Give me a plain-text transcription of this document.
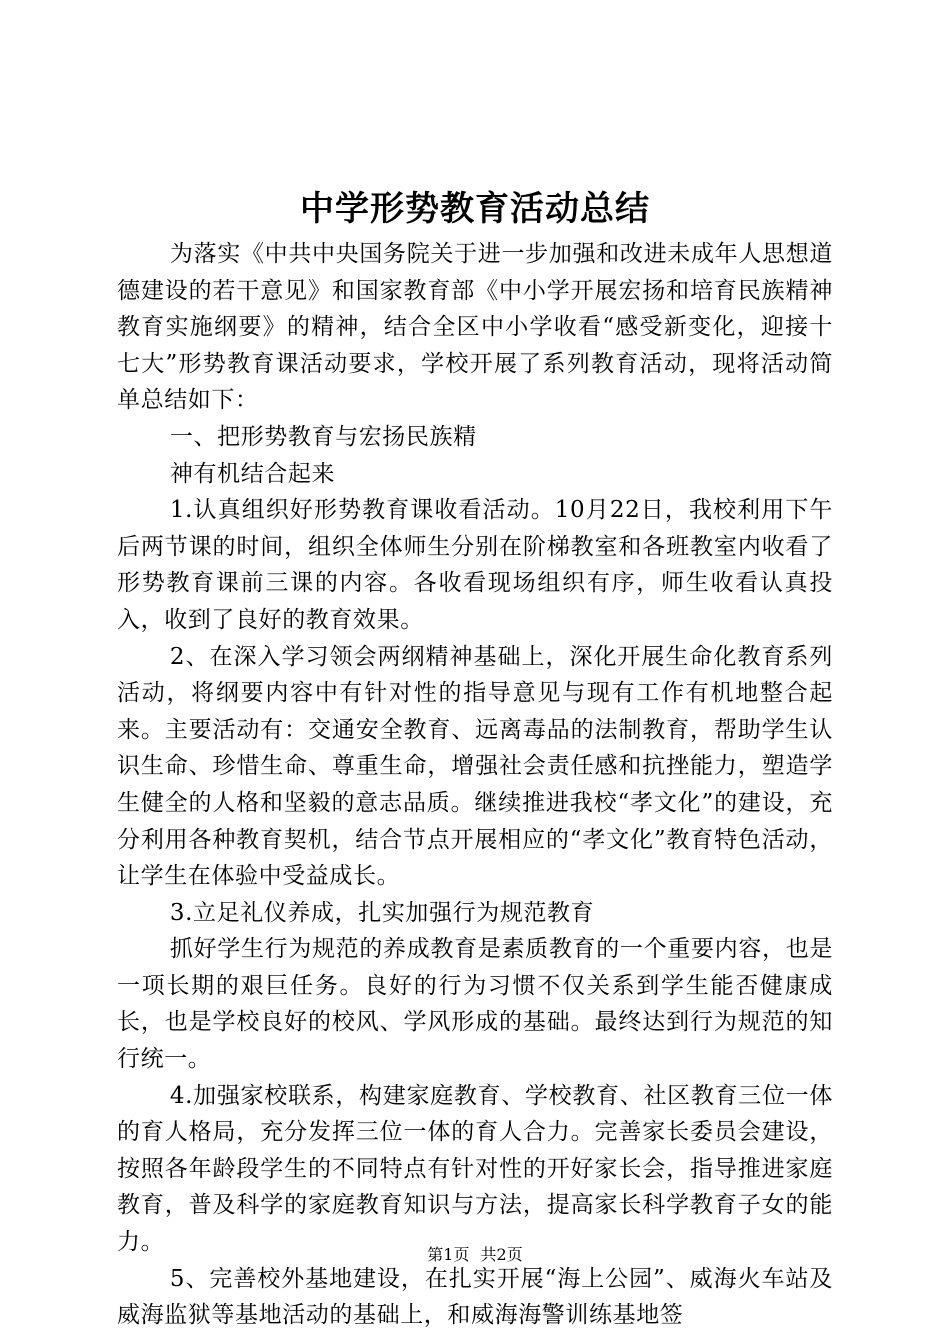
中学形势教育活动总结

为落实《中共中央国务院关于进一步加强和改进未成年人思想道德建设的若干意见》和国家教育部《中小学开展宏扬和培育民族精神教育实施纲要》的精神，结合全区中小学收看“感受新变化，迎接十七大”形势教育课活动要求，学校开展了系列教育活动，现将活动简单总结如下：

一、把形势教育与宏扬民族精

神有机结合起来

1.认真组织好形势教育课收看活动。10月22日，我校利用下午后两节课的时间，组织全体师生分别在阶梯教室和各班教室内收看了形势教育课前三课的内容。各收看现场组织有序，师生收看认真投入，收到了良好的教育效果。

2、在深入学习领会两纲精神基础上，深化开展生命化教育系列活动，将纲要内容中有针对性的指导意见与现有工作有机地整合起来。主要活动有：交通安全教育、远离毒品的法制教育，帮助学生认识生命、珍惜生命、尊重生命，增强社会责任感和抗挫能力，塑造学生健全的人格和坚毅的意志品质。继续推进我校“孝文化”的建设，充分利用各种教育契机，结合节点开展相应的“孝文化”教育特色活动，让学生在体验中受益成长。

3.立足礼仪养成，扎实加强行为规范教育

抓好学生行为规范的养成教育是素质教育的一个重要内容，也是一项长期的艰巨任务。良好的行为习惯不仅关系到学生能否健康成长，也是学校良好的校风、学风形成的基础。最终达到行为规范的知行统一。

4.加强家校联系，构建家庭教育、学校教育、社区教育三位一体的育人格局，充分发挥三位一体的育人合力。完善家长委员会建设，按照各年龄段学生的不同特点有针对性的开好家长会，指导推进家庭教育，普及科学的家庭教育知识与方法，提高家长科学教育子女的能力。

5、完善校外基地建设，在扎实开展“海上公园”、威海火车站及威海监狱等基地活动的基础上，和威海海警训练基地签

第1页 共2页
